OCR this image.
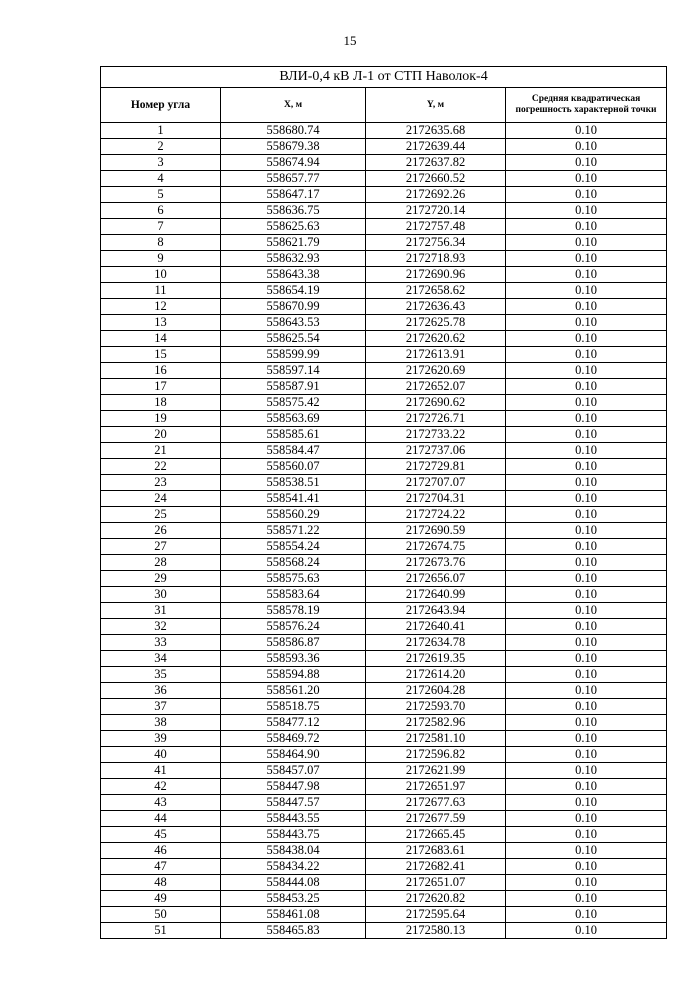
15
ВЛИ-0,4 кВ Л-1 от СТП Наволок-4			
Номер угла	X, м	Y, м	Средняя квадратическая погрешность характерной точки
1	558680.74	2172635.68	0.10
2	558679.38	2172639.44	0.10
3	558674.94	2172637.82	0.10
4	558657.77	2172660.52	0.10
5	558647.17	2172692.26	0.10
6	558636.75	2172720.14	0.10
7	558625.63	2172757.48	0.10
8	558621.79	2172756.34	0.10
9	558632.93	2172718.93	0.10
10	558643.38	2172690.96	0.10
11	558654.19	2172658.62	0.10
12	558670.99	2172636.43	0.10
13	558643.53	2172625.78	0.10
14	558625.54	2172620.62	0.10
15	558599.99	2172613.91	0.10
16	558597.14	2172620.69	0.10
17	558587.91	2172652.07	0.10
18	558575.42	2172690.62	0.10
19	558563.69	2172726.71	0.10
20	558585.61	2172733.22	0.10
21	558584.47	2172737.06	0.10
22	558560.07	2172729.81	0.10
23	558538.51	2172707.07	0.10
24	558541.41	2172704.31	0.10
25	558560.29	2172724.22	0.10
26	558571.22	2172690.59	0.10
27	558554.24	2172674.75	0.10
28	558568.24	2172673.76	0.10
29	558575.63	2172656.07	0.10
30	558583.64	2172640.99	0.10
31	558578.19	2172643.94	0.10
32	558576.24	2172640.41	0.10
33	558586.87	2172634.78	0.10
34	558593.36	2172619.35	0.10
35	558594.88	2172614.20	0.10
36	558561.20	2172604.28	0.10
37	558518.75	2172593.70	0.10
38	558477.12	2172582.96	0.10
39	558469.72	2172581.10	0.10
40	558464.90	2172596.82	0.10
41	558457.07	2172621.99	0.10
42	558447.98	2172651.97	0.10
43	558447.57	2172677.63	0.10
44	558443.55	2172677.59	0.10
45	558443.75	2172665.45	0.10
46	558438.04	2172683.61	0.10
47	558434.22	2172682.41	0.10
48	558444.08	2172651.07	0.10
49	558453.25	2172620.82	0.10
50	558461.08	2172595.64	0.10
51	558465.83	2172580.13	0.10
